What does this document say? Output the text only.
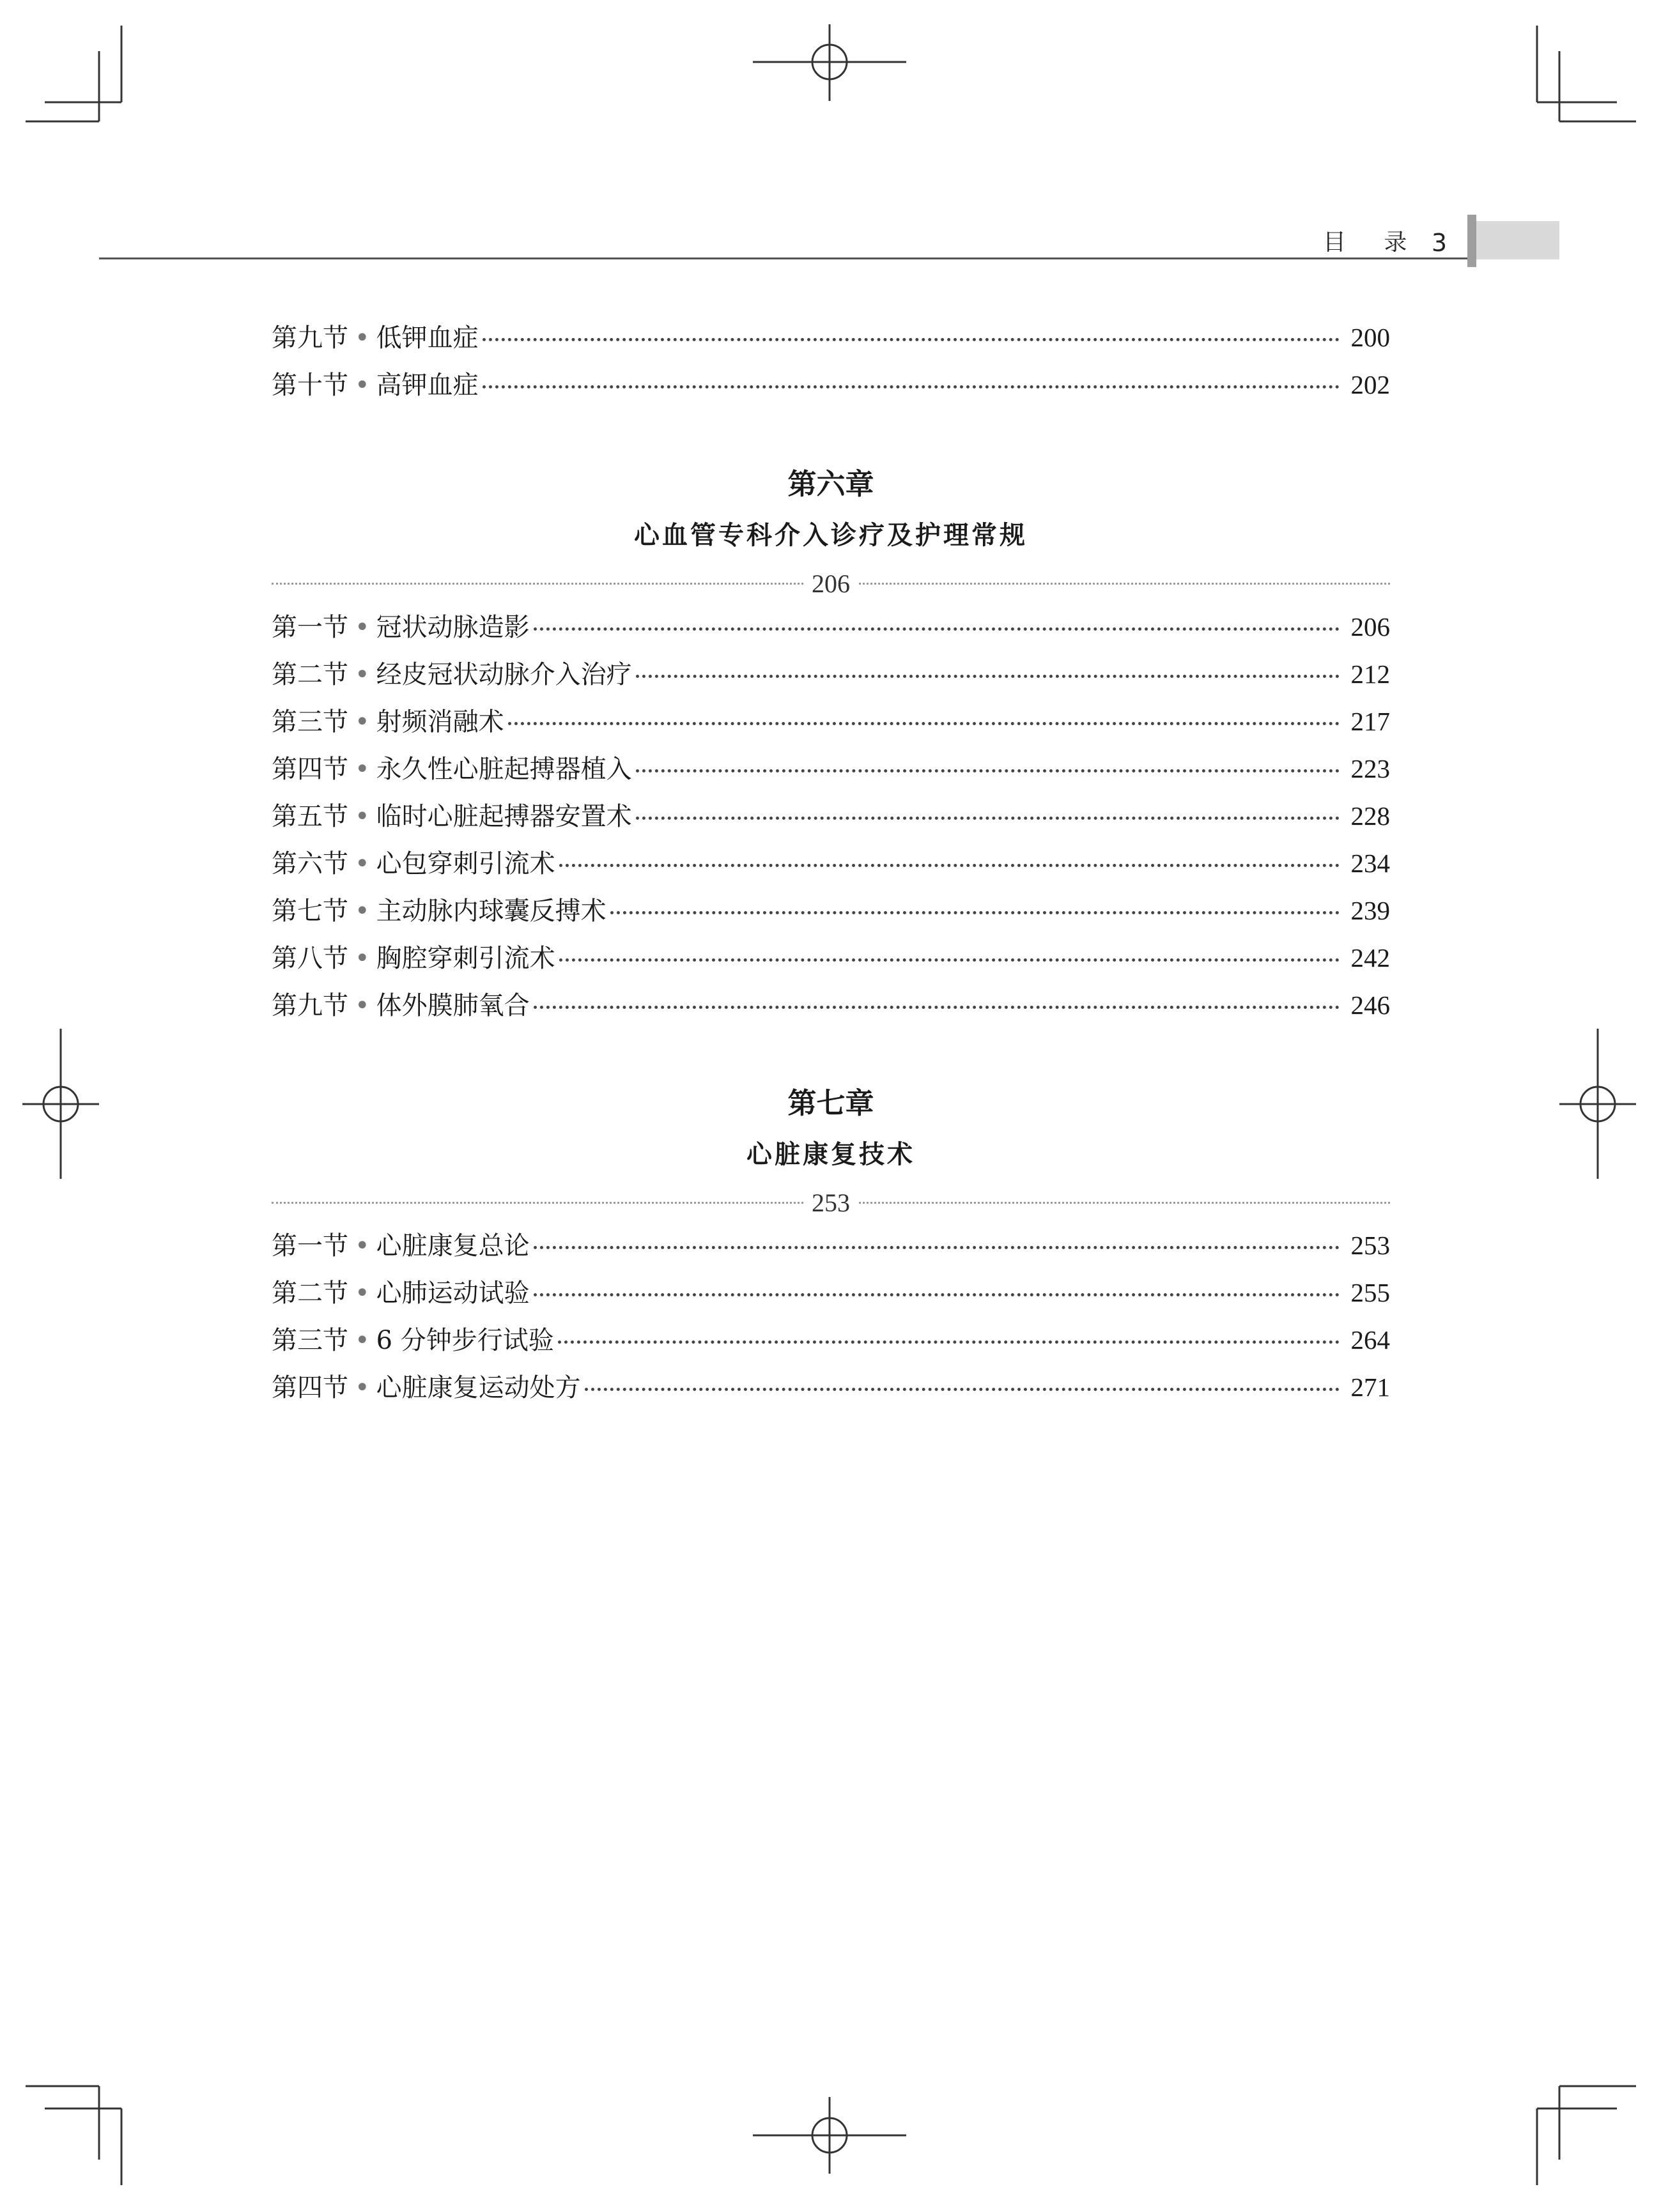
目 录 3
第九节 • 低钾血症	200
第十节 • 高钾血症	202
第六章
心血管专科介入诊疗及护理常规
206
第一节 • 冠状动脉造影	206
第二节 • 经皮冠状动脉介入治疗	212
第三节 • 射频消融术	217
第四节 • 永久性心脏起搏器植入	223
第五节 • 临时心脏起搏器安置术	228
第六节 • 心包穿刺引流术	234
第七节 • 主动脉内球囊反搏术	239
第八节 • 胸腔穿刺引流术	242
第九节 • 体外膜肺氧合	246
第七章
心脏康复技术
253
第一节 • 心脏康复总论	253
第二节 • 心肺运动试验	255
第三节 • 6 分钟步行试验	264
第四节 • 心脏康复运动处方	271
